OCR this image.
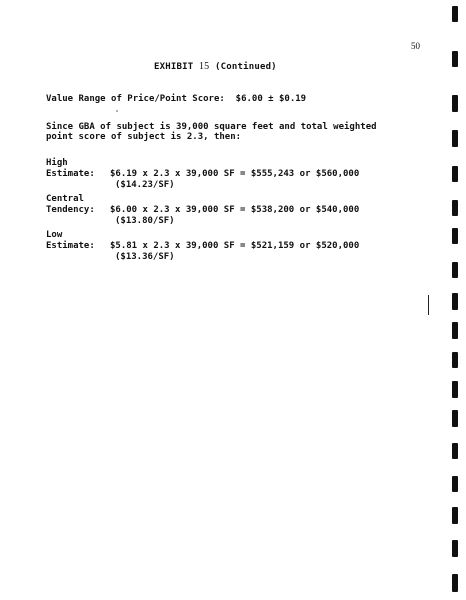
50
EXHIBIT 15 (Continued)
Value Range of Price/Point Score:  $6.00 ± $0.19
Since GBA of subject is 39,000 square feet and total weighted
point score of subject is 2.3, then:
High
Estimate: $6.19 x 2.3 x 39,000 SF = $555,243 or $560,000
($14.23/SF)
Central
Tendency: $6.00 x 2.3 x 39,000 SF = $538,200 or $540,000
($13.80/SF)
Low
Estimate: $5.81 x 2.3 x 39,000 SF = $521,159 or $520,000
($13.36/SF)
